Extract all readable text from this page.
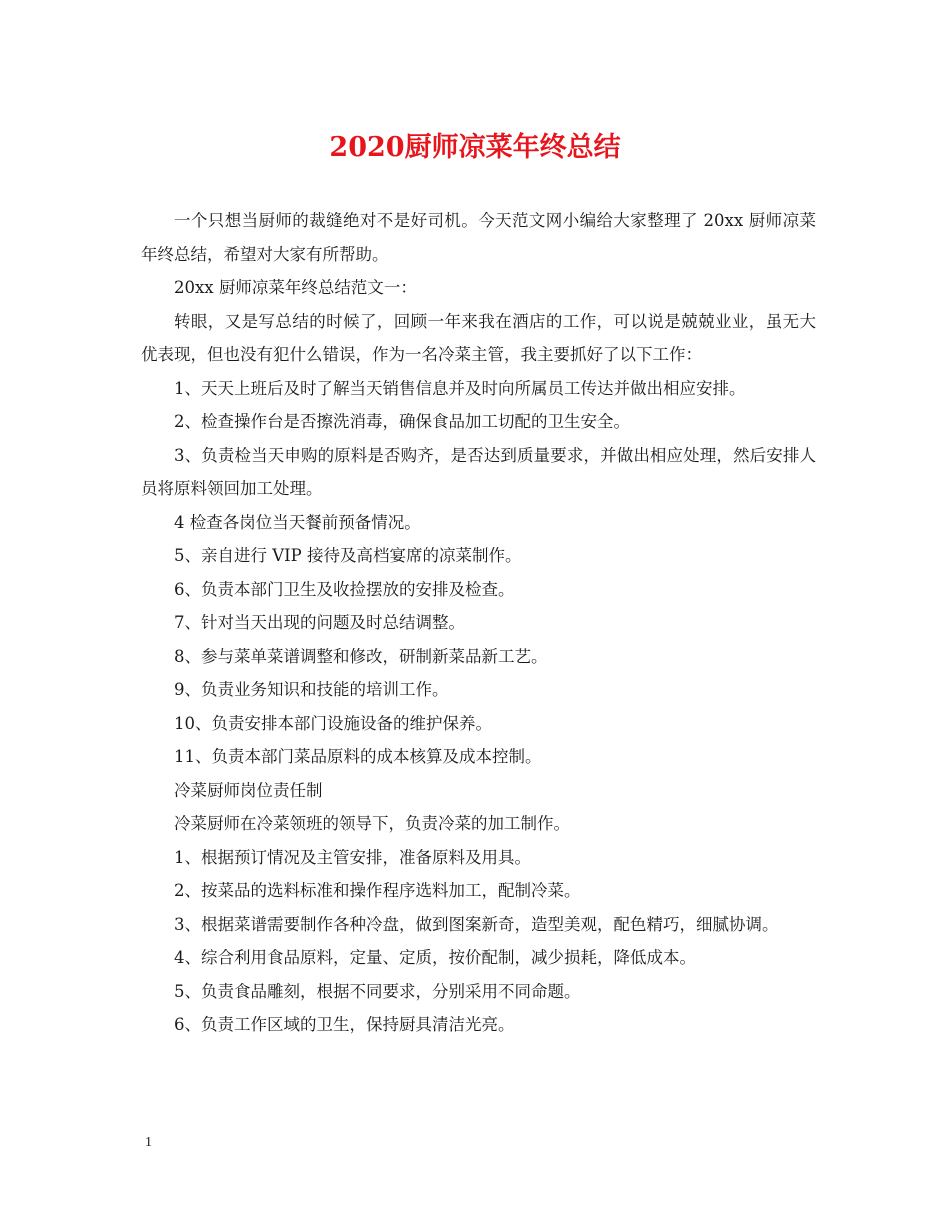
2020厨师凉菜年终总结

一个只想当厨师的裁缝绝对不是好司机。今天范文网小编给大家整理了 20xx 厨师凉菜年终总结，希望对大家有所帮助。

20xx 厨师凉菜年终总结范文一：

转眼，又是写总结的时候了，回顾一年来我在酒店的工作，可以说是兢兢业业，虽无大优表现，但也没有犯什么错误，作为一名冷菜主管，我主要抓好了以下工作：

1、天天上班后及时了解当天销售信息并及时向所属员工传达并做出相应安排。

2、检查操作台是否擦洗消毒，确保食品加工切配的卫生安全。

3、负责检当天申购的原料是否购齐，是否达到质量要求，并做出相应处理，然后安排人员将原料领回加工处理。

4 检查各岗位当天餐前预备情况。

5、亲自进行 VIP 接待及高档宴席的凉菜制作。

6、负责本部门卫生及收捡摆放的安排及检查。

7、针对当天出现的问题及时总结调整。

8、参与菜单菜谱调整和修改，研制新菜品新工艺。

9、负责业务知识和技能的培训工作。

10、负责安排本部门设施设备的维护保养。

11、负责本部门菜品原料的成本核算及成本控制。

冷菜厨师岗位责任制

冷菜厨师在冷菜领班的领导下，负责冷菜的加工制作。

1、根据预订情况及主管安排，准备原料及用具。

2、按菜品的选料标准和操作程序选料加工，配制冷菜。

3、根据菜谱需要制作各种冷盘，做到图案新奇，造型美观，配色精巧，细腻协调。

4、综合利用食品原料，定量、定质，按价配制，减少损耗，降低成本。

5、负责食品雕刻，根据不同要求，分别采用不同命题。

6、负责工作区域的卫生，保持厨具清洁光亮。

1
